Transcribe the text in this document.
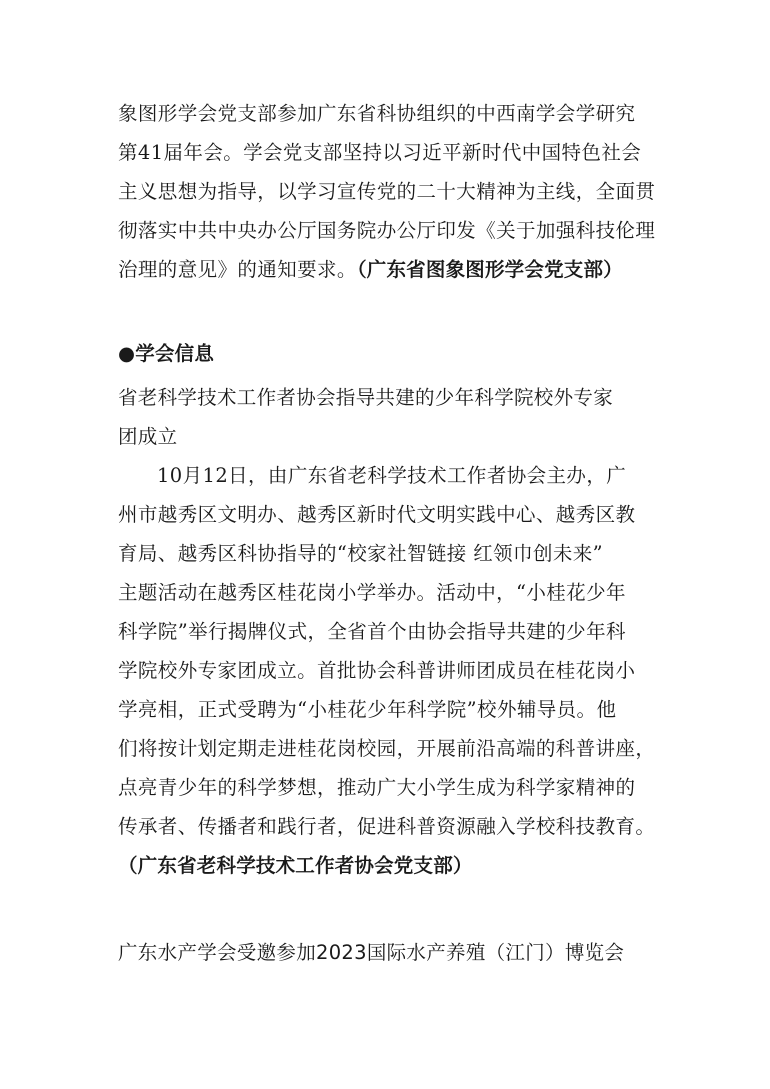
象图形学会党支部参加广东省科协组织的中西南学会学研究
第41届年会。学会党支部坚持以习近平新时代中国特色社会
主义思想为指导，以学习宣传党的二十大精神为主线，全面贯
彻落实中共中央办公厅国务院办公厅印发《关于加强科技伦理
治理的意见》的通知要求。（广东省图象图形学会党支部）
●学会信息
省老科学技术工作者协会指导共建的少年科学院校外专家
团成立
10月12日，由广东省老科学技术工作者协会主办，广
州市越秀区文明办、越秀区新时代文明实践中心、越秀区教
育局、越秀区科协指导的“校家社智链接 红领巾创未来”
主题活动在越秀区桂花岗小学举办。活动中，“小桂花少年
科学院”举行揭牌仪式，全省首个由协会指导共建的少年科
学院校外专家团成立。首批协会科普讲师团成员在桂花岗小
学亮相，正式受聘为“小桂花少年科学院”校外辅导员。他
们将按计划定期走进桂花岗校园，开展前沿高端的科普讲座，
点亮青少年的科学梦想，推动广大小学生成为科学家精神的
传承者、传播者和践行者，促进科普资源融入学校科技教育。
（广东省老科学技术工作者协会党支部）
广东水产学会受邀参加2023国际水产养殖（江门）博览会
